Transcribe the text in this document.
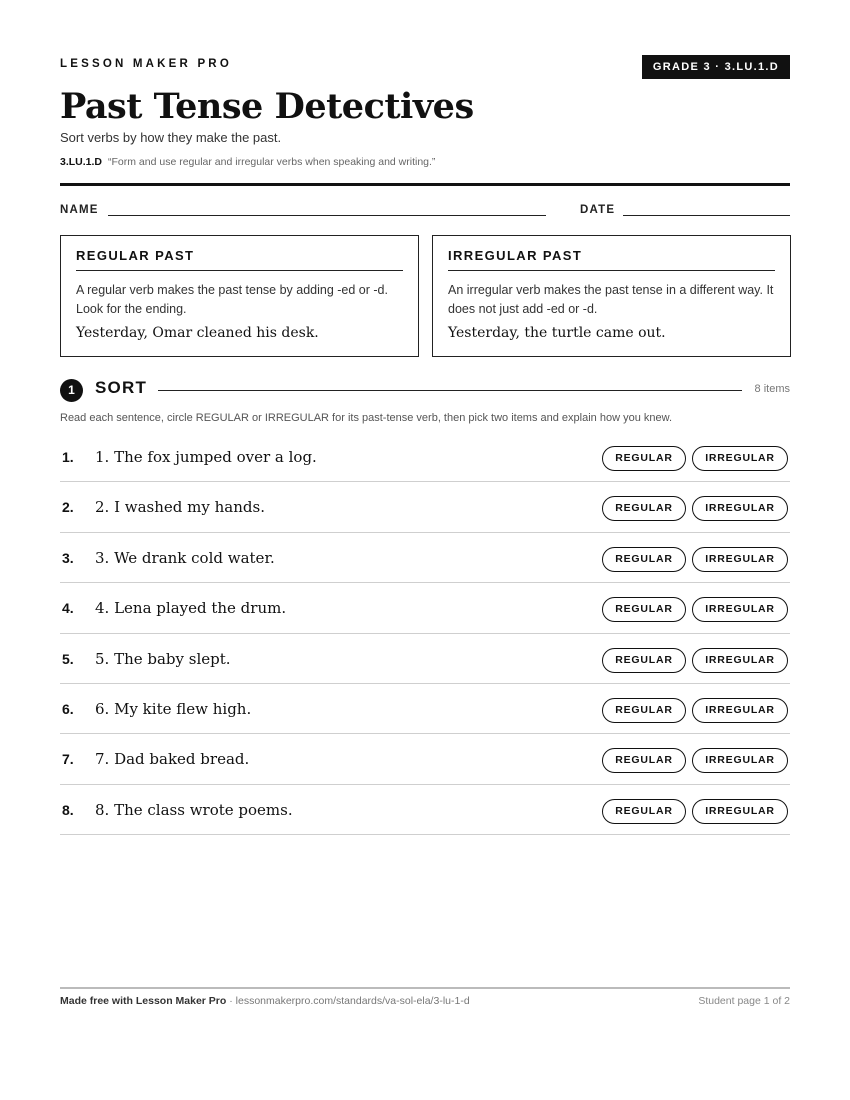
LESSON MAKER PRO	GRADE 3 · 3.LU.1.D
Past Tense Detectives
Sort verbs by how they make the past.
3.LU.1.D “Form and use regular and irregular verbs when speaking and writing.”
NAME	DATE
REGULAR PAST
A regular verb makes the past tense by adding -ed or -d. Look for the ending.
Yesterday, Omar cleaned his desk.
IRREGULAR PAST
An irregular verb makes the past tense in a different way. It does not just add -ed or -d.
Yesterday, the turtle came out.
1	SORT	8 items
Read each sentence, circle REGULAR or IRREGULAR for its past-tense verb, then pick two items and explain how you knew.
1. 1. The fox jumped over a log.	REGULAR	IRREGULAR
2. 2. I washed my hands.	REGULAR	IRREGULAR
3. 3. We drank cold water.	REGULAR	IRREGULAR
4. 4. Lena played the drum.	REGULAR	IRREGULAR
5. 5. The baby slept.	REGULAR	IRREGULAR
6. 6. My kite flew high.	REGULAR	IRREGULAR
7. 7. Dad baked bread.	REGULAR	IRREGULAR
8. 8. The class wrote poems.	REGULAR	IRREGULAR
Made free with Lesson Maker Pro · lessonmakerpro.com/standards/va-sol-ela/3-lu-1-d	Student page 1 of 2
